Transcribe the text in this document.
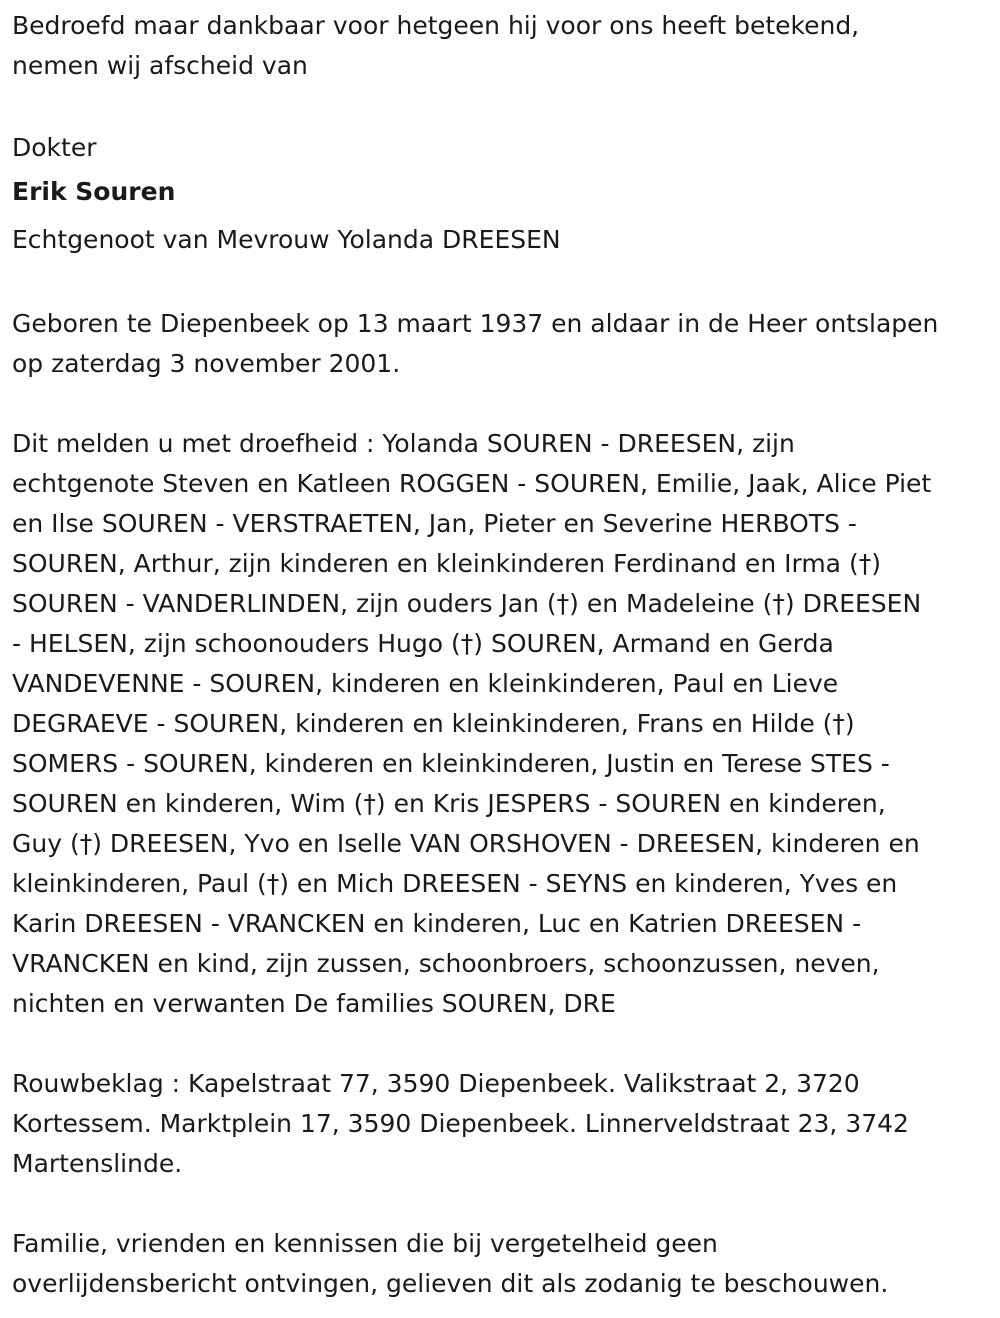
Bedroefd maar dankbaar voor hetgeen hij voor ons heeft betekend,
nemen wij afscheid van
Dokter
Erik Souren
Echtgenoot van Mevrouw Yolanda DREESEN
Geboren te Diepenbeek op 13 maart 1937 en aldaar in de Heer ontslapen
op zaterdag 3 november 2001.
Dit melden u met droefheid : Yolanda SOUREN - DREESEN, zijn
echtgenote Steven en Katleen ROGGEN - SOUREN, Emilie, Jaak, Alice Piet
en Ilse SOUREN - VERSTRAETEN, Jan, Pieter en Severine HERBOTS -
SOUREN, Arthur, zijn kinderen en kleinkinderen Ferdinand en Irma (†)
SOUREN - VANDERLINDEN, zijn ouders Jan (†) en Madeleine (†) DREESEN
- HELSEN, zijn schoonouders Hugo (†) SOUREN, Armand en Gerda
VANDEVENNE - SOUREN, kinderen en kleinkinderen, Paul en Lieve
DEGRAEVE - SOUREN, kinderen en kleinkinderen, Frans en Hilde (†)
SOMERS - SOUREN, kinderen en kleinkinderen, Justin en Terese STES -
SOUREN en kinderen, Wim (†) en Kris JESPERS - SOUREN en kinderen,
Guy (†) DREESEN, Yvo en Iselle VAN ORSHOVEN - DREESEN, kinderen en
kleinkinderen, Paul (†) en Mich DREESEN - SEYNS en kinderen, Yves en
Karin DREESEN - VRANCKEN en kinderen, Luc en Katrien DREESEN -
VRANCKEN en kind, zijn zussen, schoonbroers, schoonzussen, neven,
nichten en verwanten De families SOUREN, DRE
Rouwbeklag : Kapelstraat 77, 3590 Diepenbeek. Valikstraat 2, 3720
Kortessem. Marktplein 17, 3590 Diepenbeek. Linnerveldstraat 23, 3742
Martenslinde.
Familie, vrienden en kennissen die bij vergetelheid geen
overlijdensbericht ontvingen, gelieven dit als zodanig te beschouwen.
